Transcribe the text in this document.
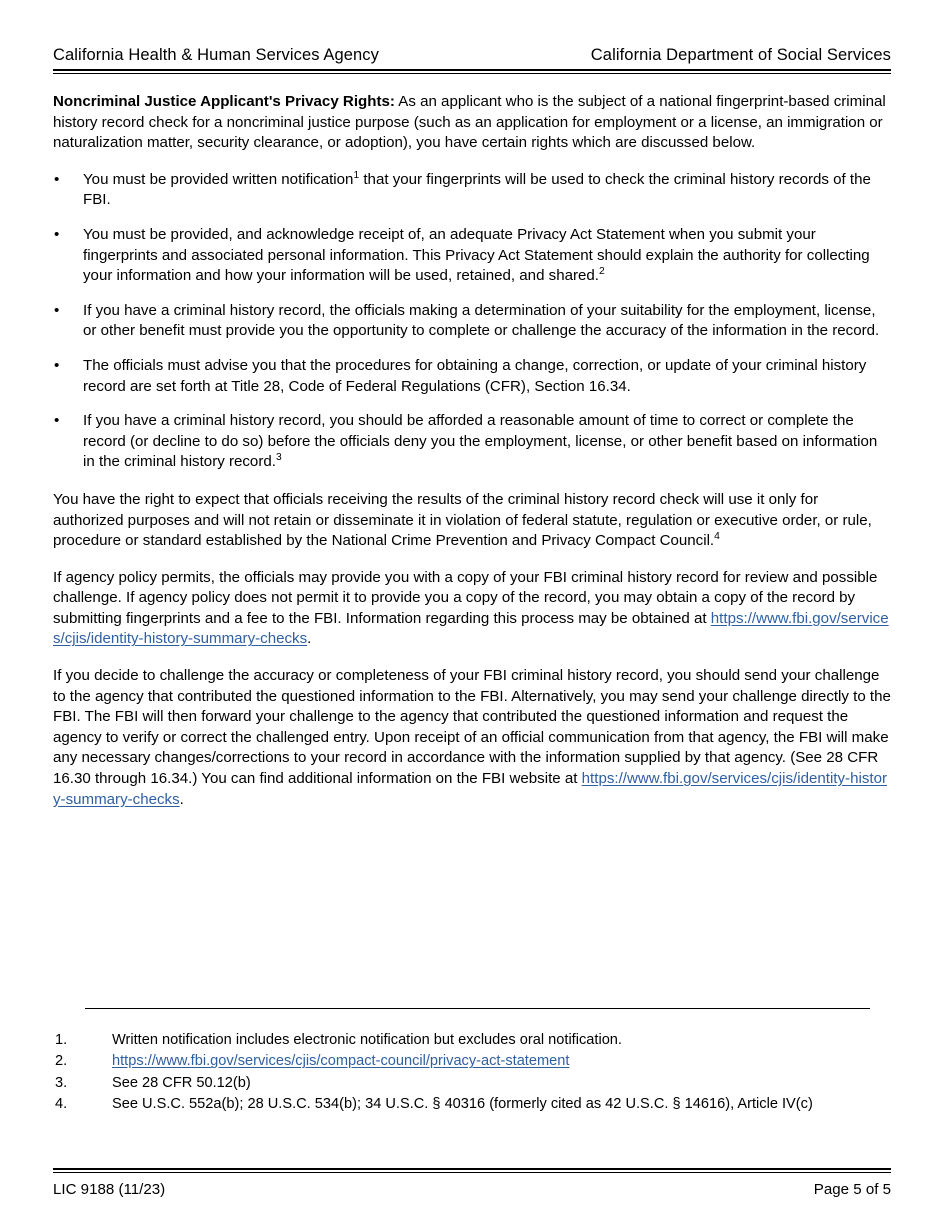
California Health & Human Services Agency	California Department of Social Services

Noncriminal Justice Applicant's Privacy Rights: As an applicant who is the subject of a national fingerprint-based criminal history record check for a noncriminal justice purpose (such as an application for employment or a license, an immigration or naturalization matter, security clearance, or adoption), you have certain rights which are discussed below.

•	You must be provided written notification$^1$ that your fingerprints will be used to check the criminal history records of the FBI.
•	You must be provided, and acknowledge receipt of, an adequate Privacy Act Statement when you submit your fingerprints and associated personal information. This Privacy Act Statement should explain the authority for collecting your information and how your information will be used, retained, and shared.$^2$
•	If you have a criminal history record, the officials making a determination of your suitability for the employment, license, or other benefit must provide you the opportunity to complete or challenge the accuracy of the information in the record.
•	The officials must advise you that the procedures for obtaining a change, correction, or update of your criminal history record are set forth at Title 28, Code of Federal Regulations (CFR), Section 16.34.
•	If you have a criminal history record, you should be afforded a reasonable amount of time to correct or complete the record (or decline to do so) before the officials deny you the employment, license, or other benefit based on information in the criminal history record.$^3$

You have the right to expect that officials receiving the results of the criminal history record check will use it only for authorized purposes and will not retain or disseminate it in violation of federal statute, regulation or executive order, or rule, procedure or standard established by the National Crime Prevention and Privacy Compact Council.$^4$

If agency policy permits, the officials may provide you with a copy of your FBI criminal history record for review and possible challenge. If agency policy does not permit it to provide you a copy of the record, you may obtain a copy of the record by submitting fingerprints and a fee to the FBI. Information regarding this process may be obtained at https://www.fbi.gov/services/cjis/identity-history-summary-checks.

If you decide to challenge the accuracy or completeness of your FBI criminal history record, you should send your challenge to the agency that contributed the questioned information to the FBI. Alternatively, you may send your challenge directly to the FBI. The FBI will then forward your challenge to the agency that contributed the questioned information and request the agency to verify or correct the challenged entry. Upon receipt of an official communication from that agency, the FBI will make any necessary changes/corrections to your record in accordance with the information supplied by that agency. (See 28 CFR 16.30 through 16.34.) You can find additional information on the FBI website at https://www.fbi.gov/services/cjis/identity-history-summary-checks.

1.	Written notification includes electronic notification but excludes oral notification.
2.	https://www.fbi.gov/services/cjis/compact-council/privacy-act-statement
3.	See 28 CFR 50.12(b)
4.	See U.S.C. 552a(b); 28 U.S.C. 534(b); 34 U.S.C. § 40316 (formerly cited as 42 U.S.C. § 14616), Article IV(c)
LIC 9188 (11/23)	Page 5 of 5
